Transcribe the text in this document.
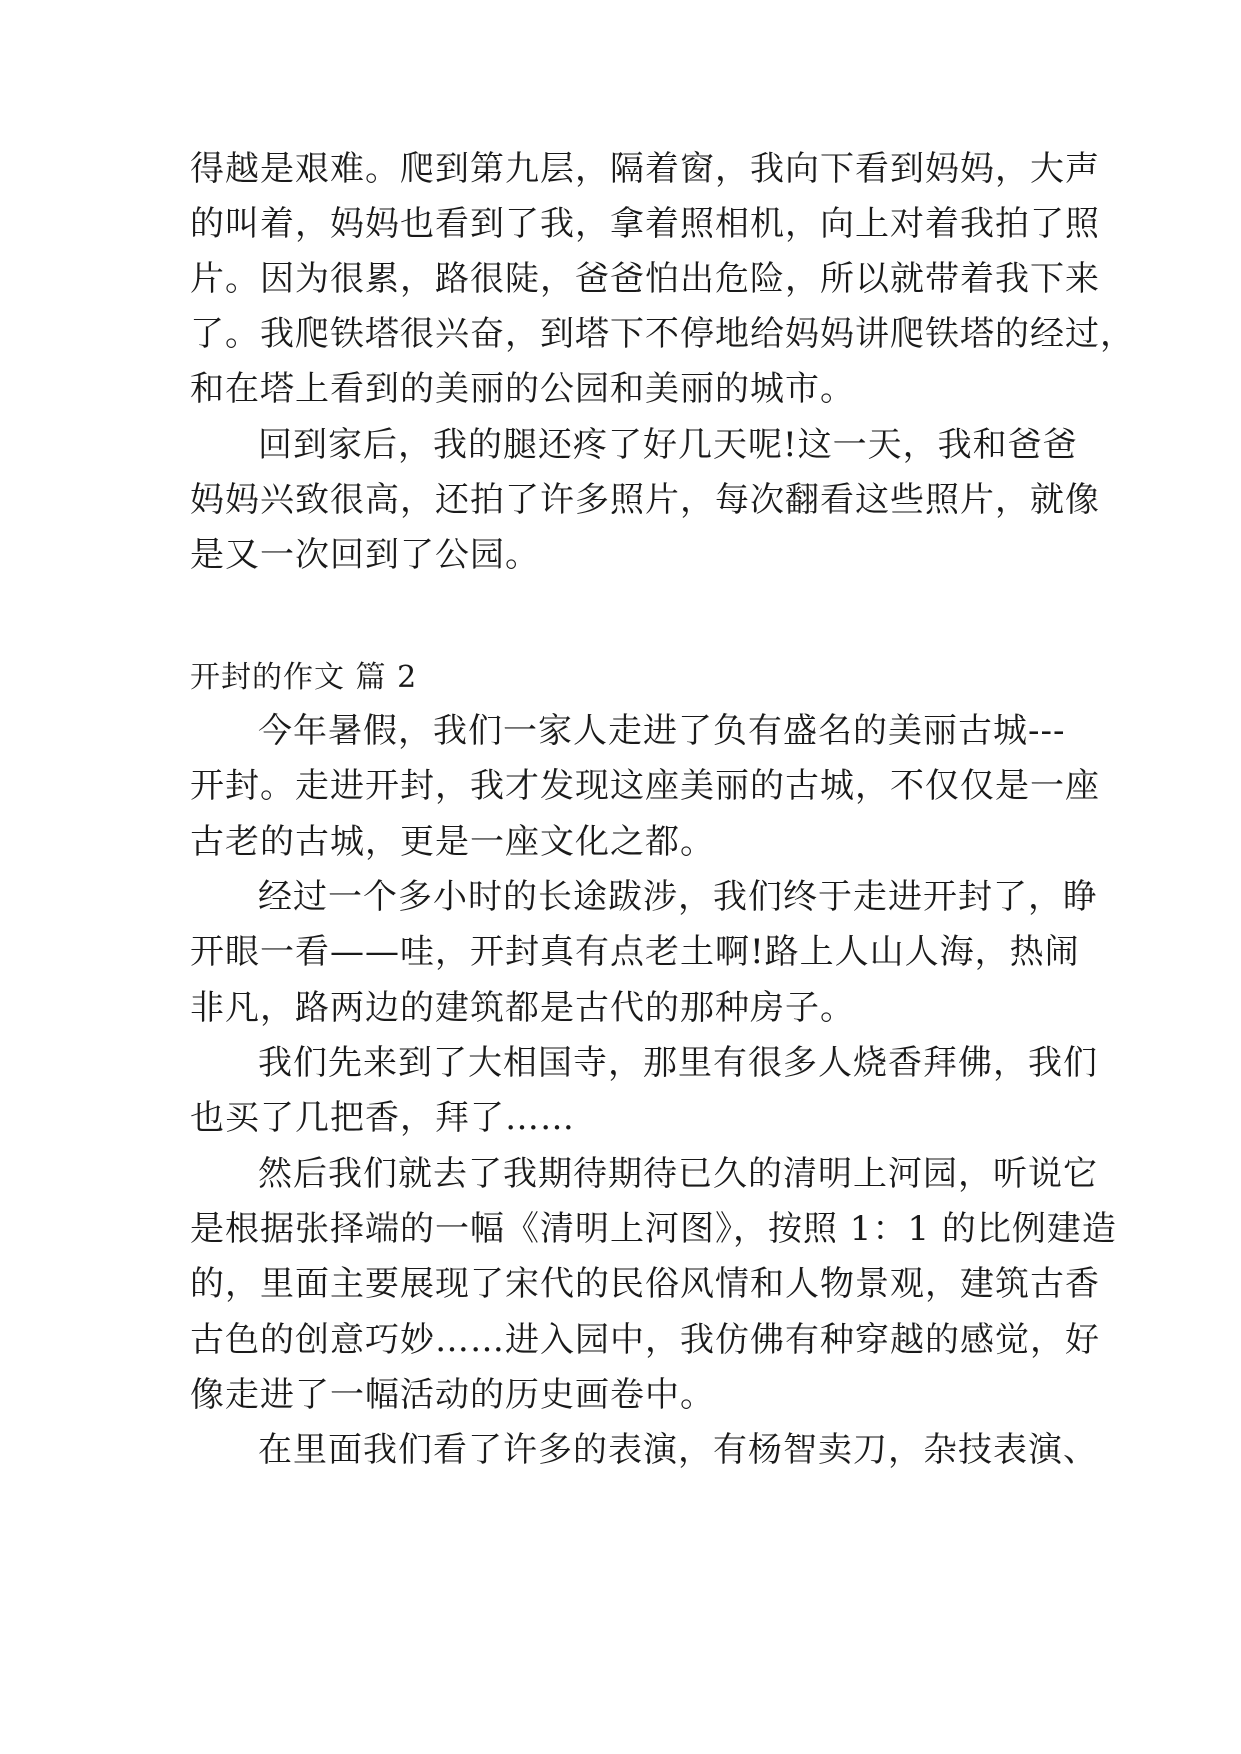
得越是艰难。爬到第九层，隔着窗，我向下看到妈妈，大声
的叫着，妈妈也看到了我，拿着照相机，向上对着我拍了照
片。因为很累，路很陡，爸爸怕出危险，所以就带着我下来
了。我爬铁塔很兴奋，到塔下不停地给妈妈讲爬铁塔的经过，
和在塔上看到的美丽的公园和美丽的城市。
回到家后，我的腿还疼了好几天呢!这一天，我和爸爸
妈妈兴致很高，还拍了许多照片，每次翻看这些照片，就像
是又一次回到了公园。
开封的作文 篇 2
今年暑假，我们一家人走进了负有盛名的美丽古城---
开封。走进开封，我才发现这座美丽的古城，不仅仅是一座
古老的古城，更是一座文化之都。
经过一个多小时的长途跋涉，我们终于走进开封了，睁
开眼一看——哇，开封真有点老土啊!路上人山人海，热闹
非凡，路两边的建筑都是古代的那种房子。
我们先来到了大相国寺，那里有很多人烧香拜佛，我们
也买了几把香，拜了……
然后我们就去了我期待期待已久的清明上河园，听说它
是根据张择端的一幅《清明上河图》，按照 1：1 的比例建造
的，里面主要展现了宋代的民俗风情和人物景观，建筑古香
古色的创意巧妙……进入园中，我仿佛有种穿越的感觉，好
像走进了一幅活动的历史画卷中。
在里面我们看了许多的表演，有杨智卖刀，杂技表演、
